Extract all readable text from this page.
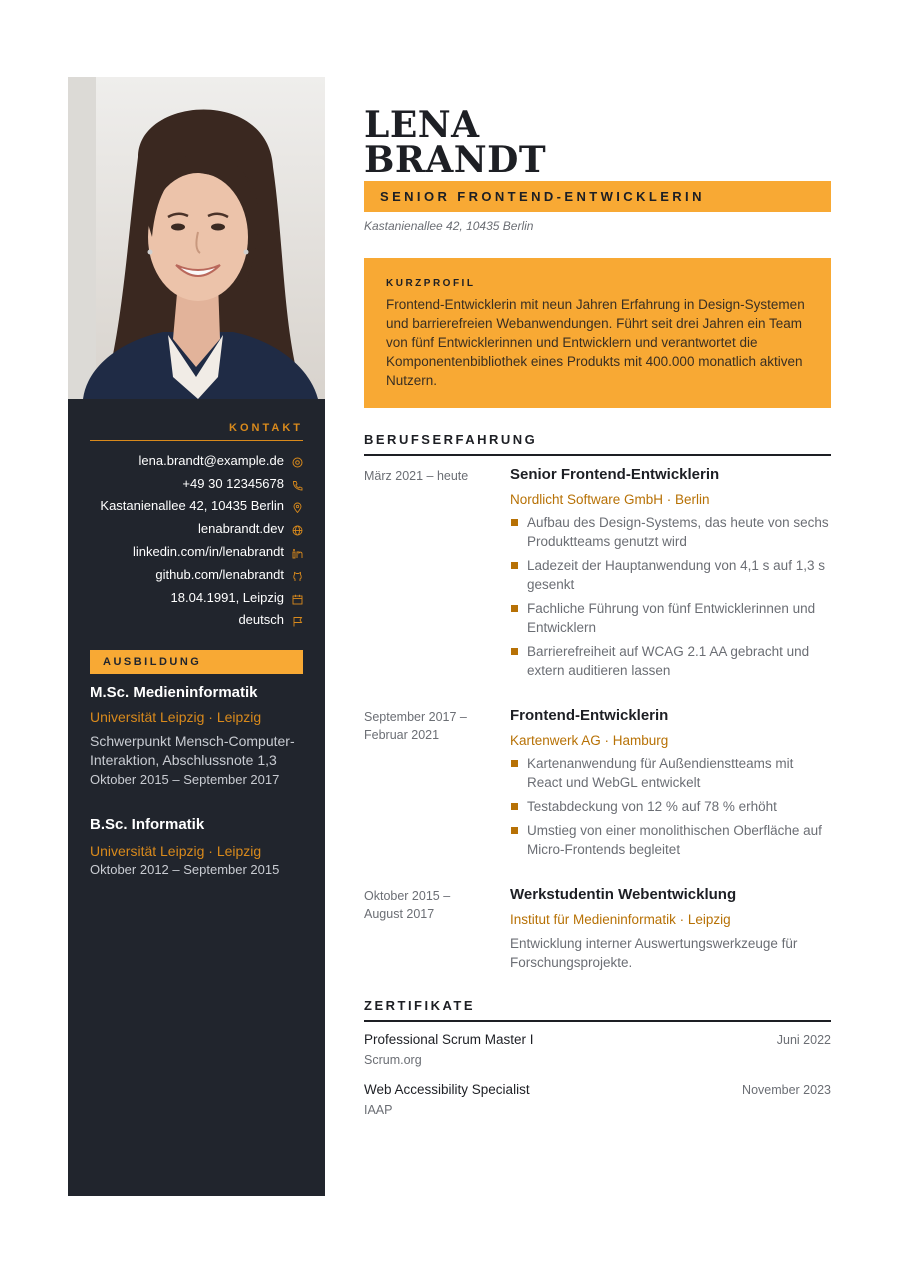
KONTAKT
lena.brandt@example.de
+49 30 12345678
Kastanienallee 42, 10435 Berlin
lenabrandt.dev
linkedin.com/in/lenabrandt
github.com/lenabrandt
18.04.1991, Leipzig
deutsch
AUSBILDUNG
M.Sc. Medieninformatik
Universität Leipzig · Leipzig
Schwerpunkt Mensch-Computer-Interaktion, Abschlussnote 1,3
Oktober 2015 – September 2017
B.Sc. Informatik
Universität Leipzig · Leipzig
Oktober 2012 – September 2015
LENA
BRANDT
SENIOR FRONTEND-ENTWICKLERIN
Kastanienallee 42, 10435 Berlin
KURZPROFIL
Frontend-Entwicklerin mit neun Jahren Erfahrung in Design-Systemen und barrierefreien Webanwendungen. Führt seit drei Jahren ein Team von fünf Entwicklerinnen und Entwicklern und verantwortet die Komponentenbibliothek eines Produkts mit 400.000 monatlich aktiven Nutzern.
BERUFSERFAHRUNG
März 2021 – heute	Senior Frontend-Entwicklerin
Nordlicht Software GmbH · Berlin
Aufbau des Design-Systems, das heute von sechs Produktteams genutzt wird
Ladezeit der Hauptanwendung von 4,1 s auf 1,3 s gesenkt
Fachliche Führung von fünf Entwicklerinnen und Entwicklern
Barrierefreiheit auf WCAG 2.1 AA gebracht und extern auditieren lassen
September 2017 – Februar 2021
Frontend-Entwicklerin
Kartenwerk AG · Hamburg
Kartenanwendung für Außendienstteams mit React und WebGL entwickelt
Testabdeckung von 12 % auf 78 % erhöht
Umstieg von einer monolithischen Oberfläche auf Micro-Frontends begleitet
Oktober 2015 – August 2017
Werkstudentin Webentwicklung
Institut für Medieninformatik · Leipzig
Entwicklung interner Auswertungswerkzeuge für Forschungsprojekte.
ZERTIFIKATE
Professional Scrum Master I	Juni 2022
Scrum.org
Web Accessibility Specialist	November 2023
IAAP
